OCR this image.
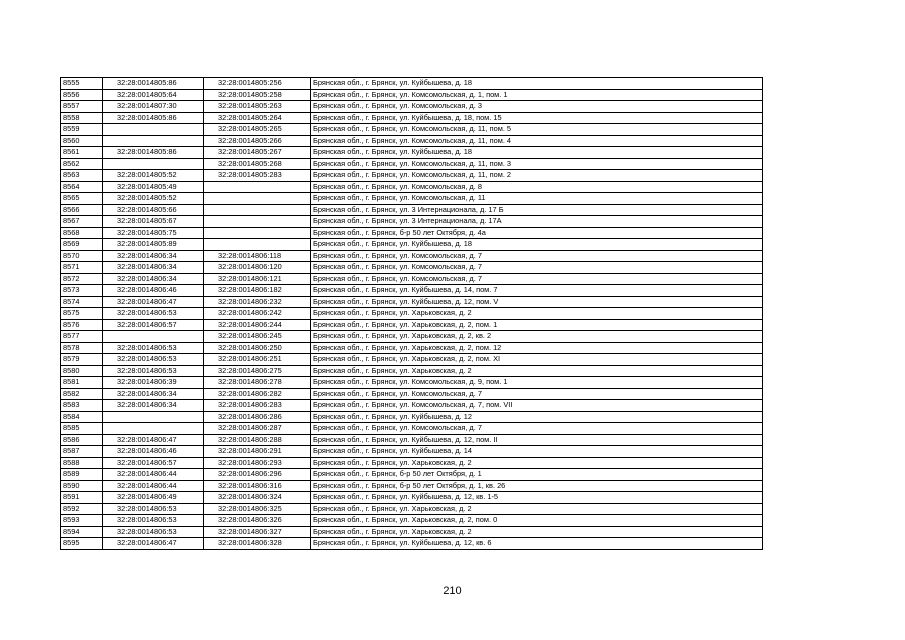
8555	32:28:0014805:86	32:28:0014805:256	Брянская обл., г. Брянск, ул. Куйбышева, д. 18
8556	32:28:0014805:64	32:28:0014805:258	Брянская обл., г. Брянск, ул. Комсомольская, д. 1, пом. 1
8557	32:28:0014807:30	32:28:0014805:263	Брянская обл., г. Брянск, ул. Комсомольская, д. 3
8558	32:28:0014805:86	32:28:0014805:264	Брянская обл., г. Брянск, ул. Куйбышева, д. 18, пом. 15
8559		32:28:0014805:265	Брянская обл., г. Брянск, ул. Комсомольская, д. 11, пом. 5
8560		32:28:0014805:266	Брянская обл., г. Брянск, ул. Комсомольская, д. 11, пом. 4
8561	32:28:0014805:86	32:28:0014805:267	Брянская обл., г. Брянск, ул. Куйбышева, д. 18
8562		32:28:0014805:268	Брянская обл., г. Брянск, ул. Комсомольская, д. 11, пом. 3
8563	32:28:0014805:52	32:28:0014805:283	Брянская обл., г. Брянск, ул. Комсомольская, д. 11, пом. 2
8564	32:28:0014805:49		Брянская обл., г. Брянск, ул. Комсомольская, д. 8
8565	32:28:0014805:52		Брянская обл., г. Брянск, ул. Комсомольская, д. 11
8566	32:28:0014805:66		Брянская обл., г. Брянск, ул. 3 Интернационала, д. 17 Б
8567	32:28:0014805:67		Брянская обл., г. Брянск, ул. 3 Интернационала, д. 17А
8568	32:28:0014805:75		Брянская обл., г. Брянск, б-р 50 лет Октября, д. 4а
8569	32:28:0014805:89		Брянская обл., г. Брянск, ул. Куйбышева, д. 18
8570	32:28:0014806:34	32:28:0014806:118	Брянская обл., г. Брянск, ул. Комсомольская, д. 7
8571	32:28:0014806:34	32:28:0014806:120	Брянская обл., г. Брянск, ул. Комсомольская, д. 7
8572	32:28:0014806:34	32:28:0014806:121	Брянская обл., г. Брянск, ул. Комсомольская, д. 7
8573	32:28:0014806:46	32:28:0014806:182	Брянская обл., г. Брянск, ул. Куйбышева, д. 14, пом. 7
8574	32:28:0014806:47	32:28:0014806:232	Брянская обл., г. Брянск, ул. Куйбышева, д. 12, пом. V
8575	32:28:0014806:53	32:28:0014806:242	Брянская обл., г. Брянск, ул. Харьковская, д. 2
8576	32:28:0014806:57	32:28:0014806:244	Брянская обл., г. Брянск, ул. Харьковская, д. 2, пом. 1
8577		32:28:0014806:245	Брянская обл., г. Брянск, ул. Харьковская, д. 2, кв. 2
8578	32:28:0014806:53	32:28:0014806:250	Брянская обл., г. Брянск, ул. Харьковская, д. 2, пом. 12
8579	32:28:0014806:53	32:28:0014806:251	Брянская обл., г. Брянск, ул. Харьковская, д. 2, пом. XI
8580	32:28:0014806:53	32:28:0014806:275	Брянская обл., г. Брянск, ул. Харьковская, д. 2
8581	32:28:0014806:39	32:28:0014806:278	Брянская обл., г. Брянск, ул. Комсомольская, д. 9, пом. 1
8582	32:28:0014806:34	32:28:0014806:282	Брянская обл., г. Брянск, ул. Комсомольская, д. 7
8583	32:28:0014806:34	32:28:0014806:283	Брянская обл., г. Брянск, ул. Комсомольская, д. 7, пом. VII
8584		32:28:0014806:286	Брянская обл., г. Брянск, ул. Куйбышева, д. 12
8585		32:28:0014806:287	Брянская обл., г. Брянск, ул. Комсомольская, д. 7
8586	32:28:0014806:47	32:28:0014806:288	Брянская обл., г. Брянск, ул. Куйбышева, д. 12, пом. II
8587	32:28:0014806:46	32:28:0014806:291	Брянская обл., г. Брянск, ул. Куйбышева, д. 14
8588	32:28:0014806:57	32:28:0014806:293	Брянская обл., г. Брянск, ул. Харьковская, д. 2
8589	32:28:0014806:44	32:28:0014806:296	Брянская обл., г. Брянск, б-р 50 лет Октября, д. 1
8590	32:28:0014806:44	32:28:0014806:316	Брянская обл., г. Брянск, б-р 50 лет Октября, д. 1, кв. 26
8591	32:28:0014806:49	32:28:0014806:324	Брянская обл., г. Брянск, ул. Куйбышева, д. 12, кв. 1-5
8592	32:28:0014806:53	32:28:0014806:325	Брянская обл., г. Брянск, ул. Харьковская, д. 2
8593	32:28:0014806:53	32:28:0014806:326	Брянская обл., г. Брянск, ул. Харьковская, д. 2, пом. 0
8594	32:28:0014806:53	32:28:0014806:327	Брянская обл., г. Брянск, ул. Харьковская, д. 2
8595	32:28:0014806:47	32:28:0014806:328	Брянская обл., г. Брянск, ул. Куйбышева, д. 12, кв. 6
210
